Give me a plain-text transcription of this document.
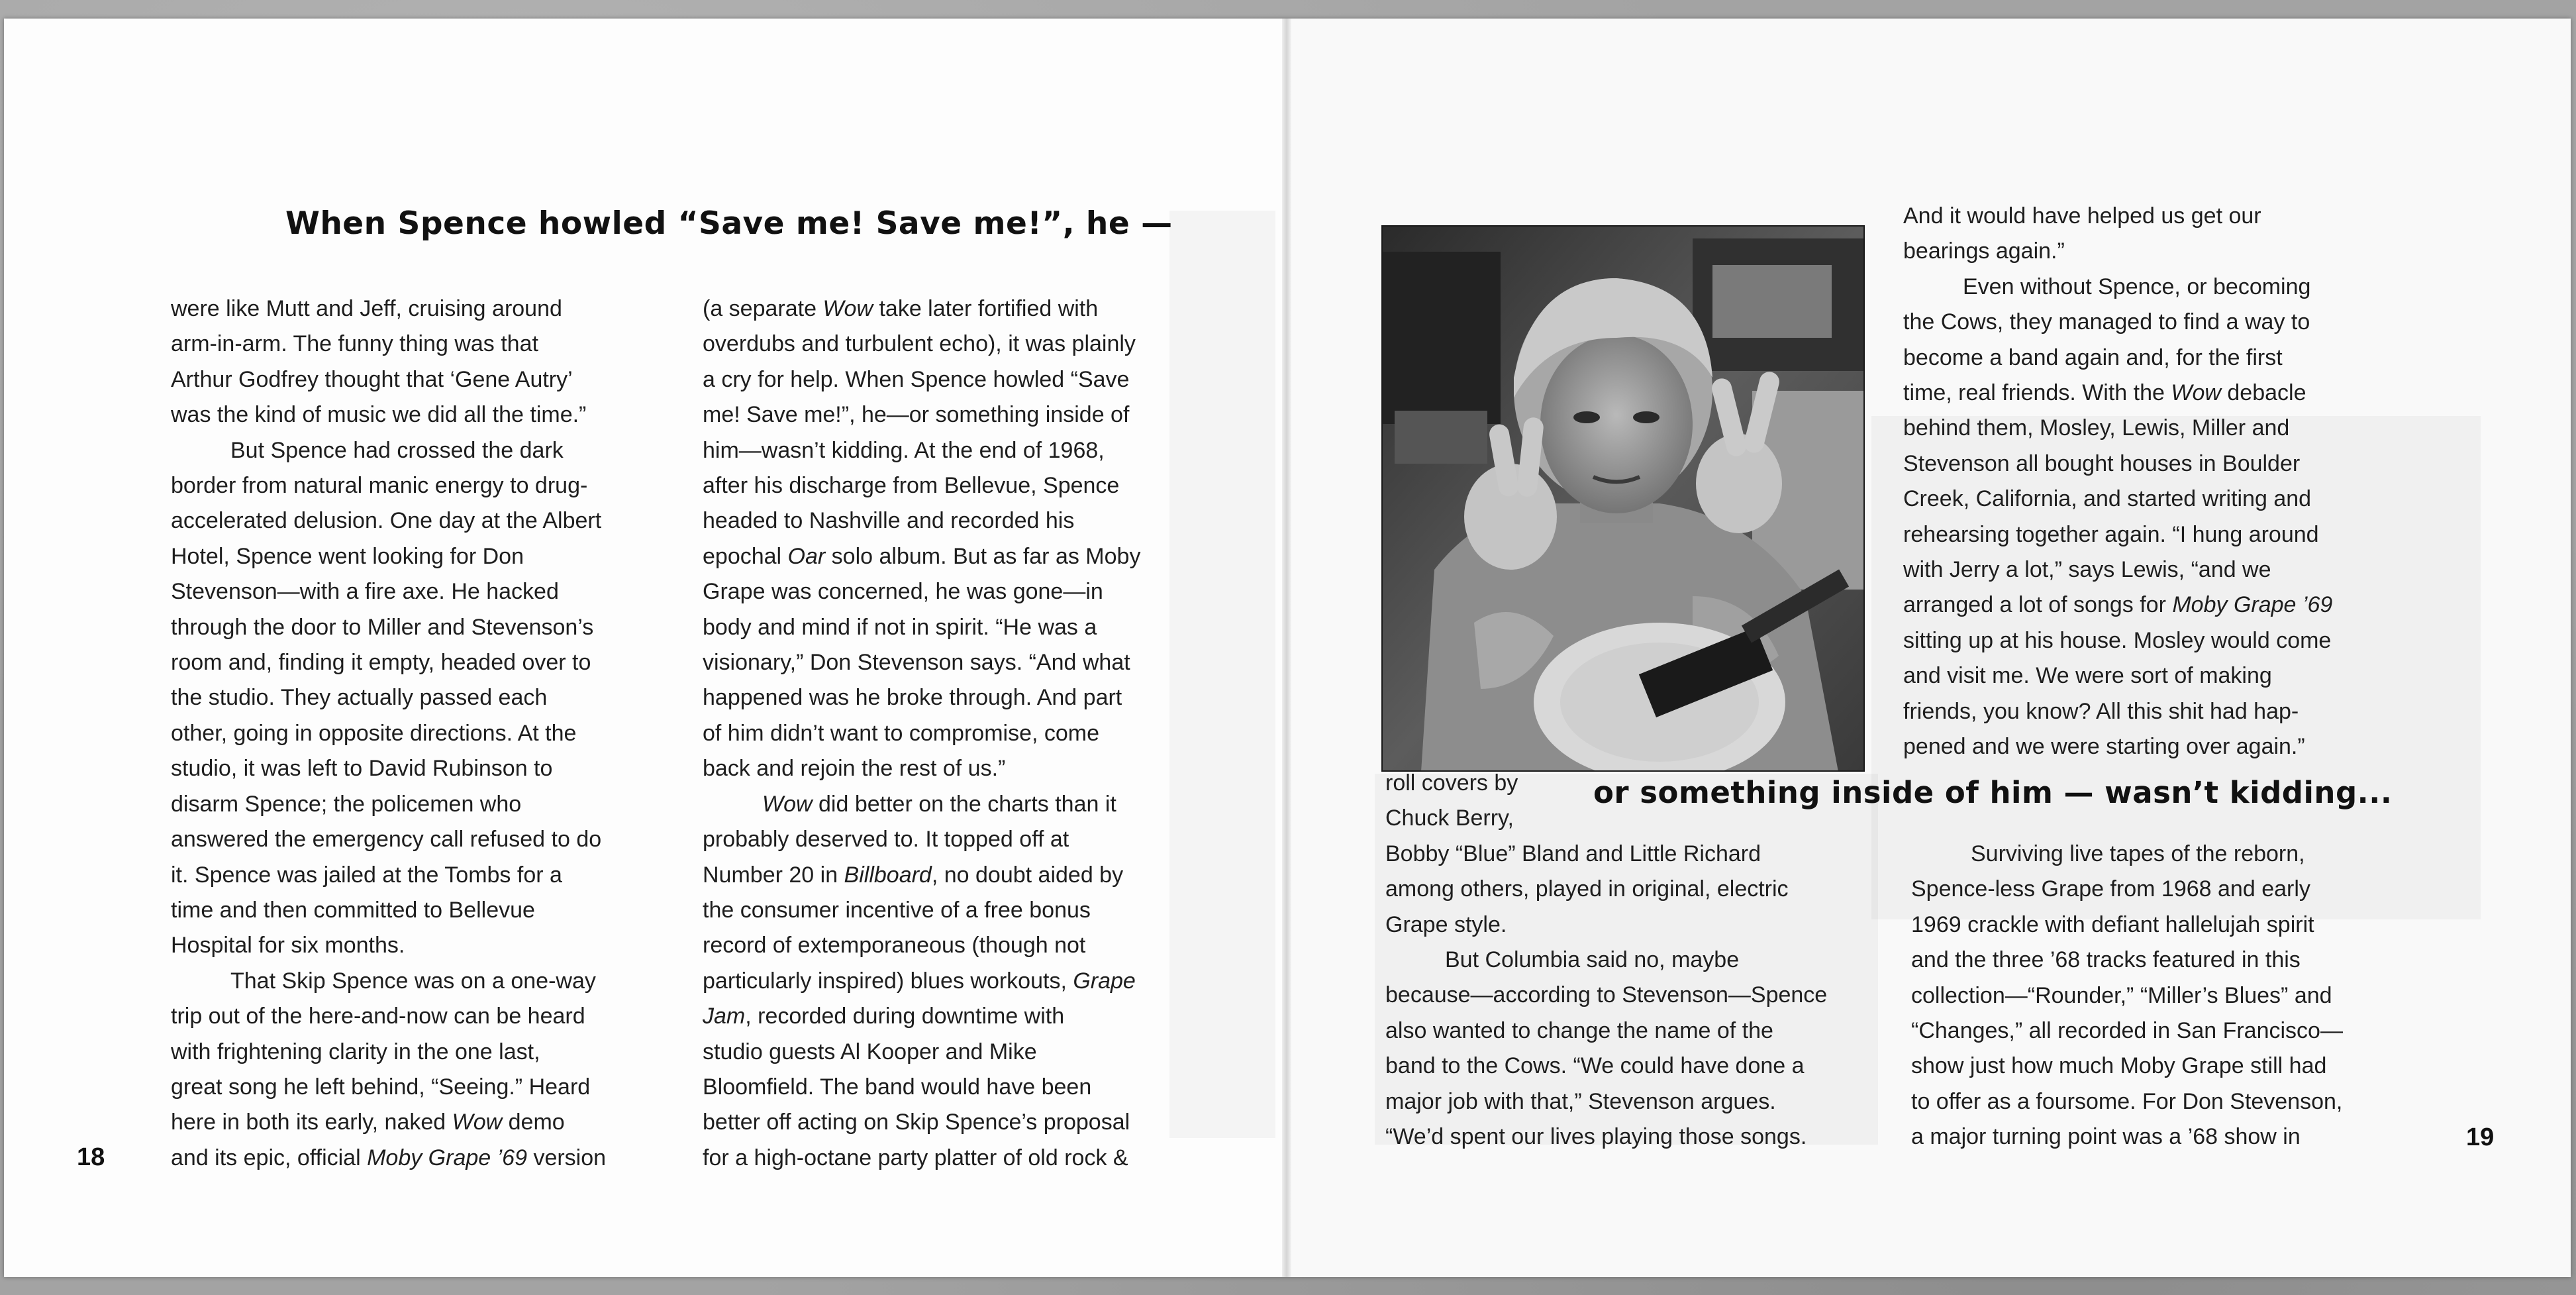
When Spence howled “Save me! Save me!”, he —

were like Mutt and Jeff, cruising around
arm-in-arm. The funny thing was that
Arthur Godfrey thought that ‘Gene Autry’
was the kind of music we did all the time.”

But Spence had crossed the dark
border from natural manic energy to drug-
accelerated delusion. One day at the Albert
Hotel, Spence went looking for Don
Stevenson—with a fire axe. He hacked
through the door to Miller and Stevenson’s
room and, finding it empty, headed over to
the studio. They actually passed each
other, going in opposite directions. At the
studio, it was left to David Rubinson to
disarm Spence; the policemen who
answered the emergency call refused to do
it. Spence was jailed at the Tombs for a
time and then committed to Bellevue
Hospital for six months.

That Skip Spence was on a one-way
trip out of the here-and-now can be heard
with frightening clarity in the one last,
great song he left behind, “Seeing.” Heard
here in both its early, naked Wow demo
and its epic, official Moby Grape ’69 version

(a separate Wow take later fortified with
overdubs and turbulent echo), it was plainly
a cry for help. When Spence howled “Save
me! Save me!”, he—or something inside of
him—wasn’t kidding. At the end of 1968,
after his discharge from Bellevue, Spence
headed to Nashville and recorded his
epochal Oar solo album. But as far as Moby
Grape was concerned, he was gone—in
body and mind if not in spirit. “He was a
visionary,” Don Stevenson says. “And what
happened was he broke through. And part
of him didn’t want to compromise, come
back and rejoin the rest of us.”

Wow did better on the charts than it
probably deserved to. It topped off at
Number 20 in Billboard, no doubt aided by
the consumer incentive of a free bonus
record of extemporaneous (though not
particularly inspired) blues workouts, Grape
Jam, recorded during downtime with
studio guests Al Kooper and Mike
Bloomfield. The band would have been
better off acting on Skip Spence’s proposal
for a high-octane party platter of old rock &

18

And it would have helped us get our
bearings again.”

Even without Spence, or becoming
the Cows, they managed to find a way to
become a band again and, for the first
time, real friends. With the Wow debacle
behind them, Mosley, Lewis, Miller and
Stevenson all bought houses in Boulder
Creek, California, and started writing and
rehearsing together again. “I hung around
with Jerry a lot,” says Lewis, “and we
arranged a lot of songs for Moby Grape ’69
sitting up at his house. Mosley would come
and visit me. We were sort of making
friends, you know? All this shit had hap-
pened and we were starting over again.”

or something inside of him — wasn’t kidding...

roll covers by
Chuck Berry,
Bobby “Blue” Bland and Little Richard
among others, played in original, electric
Grape style.

But Columbia said no, maybe
because—according to Stevenson—Spence
also wanted to change the name of the
band to the Cows. “We could have done a
major job with that,” Stevenson argues.
“We’d spent our lives playing those songs.

Surviving live tapes of the reborn,
Spence-less Grape from 1968 and early
1969 crackle with defiant hallelujah spirit
and the three ’68 tracks featured in this
collection—“Rounder,” “Miller’s Blues” and
“Changes,” all recorded in San Francisco—
show just how much Moby Grape still had
to offer as a foursome. For Don Stevenson,
a major turning point was a ’68 show in	19
